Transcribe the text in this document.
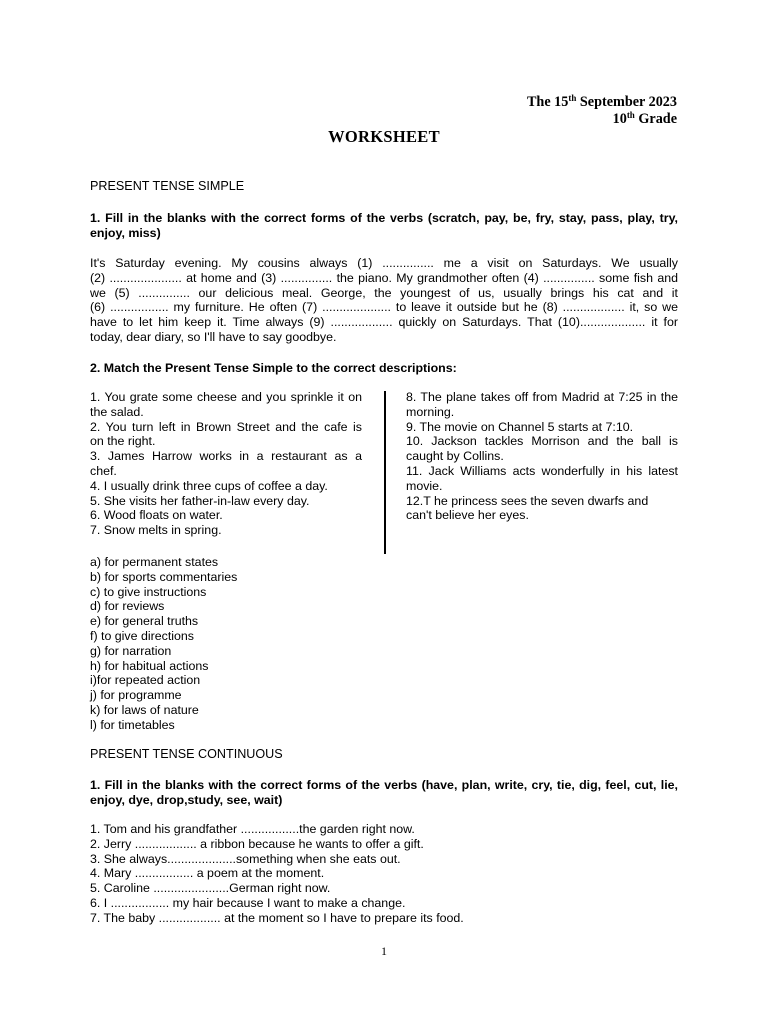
The 15th September 2023
10th Grade
WORKSHEET
PRESENT TENSE SIMPLE
1. Fill in the blanks with the correct forms of the verbs (scratch, pay, be, fry, stay, pass, play, try,
enjoy, miss)
It's Saturday evening. My cousins always (1) ............... me a visit on Saturdays. We usually
(2) ..................... at home and (3) ............... the piano. My grandmother often (4) ............... some fish and
we (5) ............... our delicious meal. George, the youngest of us, usually brings his cat and it
(6) ................. my furniture. He often (7) .................... to leave it outside but he (8) .................. it, so we
have to let him keep it. Time always (9) .................. quickly on Saturdays. That (10)................... it for
today, dear diary, so I'll have to say goodbye.
2. Match the Present Tense Simple to the correct descriptions:
1. You grate some cheese and you sprinkle it on
the salad.
2. You turn left in Brown Street and the cafe is
on the right.
3. James Harrow works in a restaurant as a
chef.
4. I usually drink three cups of coffee a day.
5. She visits her father-in-law every day.
6. Wood floats on water.
7. Snow melts in spring.
8. The plane takes off from Madrid at 7:25 in the
morning.
9. The movie on Channel 5 starts at 7:10.
10. Jackson tackles Morrison and the ball is
caught by Collins.
11. Jack Williams acts wonderfully in his latest
movie.
12.T he princess sees the seven dwarfs and
can't believe her eyes.
a) for permanent states
b) for sports commentaries
c) to give instructions
d) for reviews
e) for general truths
f) to give directions
g) for narration
h) for habitual actions
i)for repeated action
j) for programme
k) for laws of nature
l) for timetables
PRESENT TENSE CONTINUOUS
1. Fill in the blanks with the correct forms of the verbs (have, plan, write, cry, tie, dig, feel, cut, lie,
enjoy, dye, drop,study, see, wait)
1. Tom and his grandfather .................the garden right now.
2. Jerry .................. a ribbon because he wants to offer a gift.
3. She always....................something when she eats out.
4. Mary ................. a poem at the moment.
5. Caroline ......................German right now.
6. I ................. my hair because I want to make a change.
7. The baby .................. at the moment so I have to prepare its food.
1
